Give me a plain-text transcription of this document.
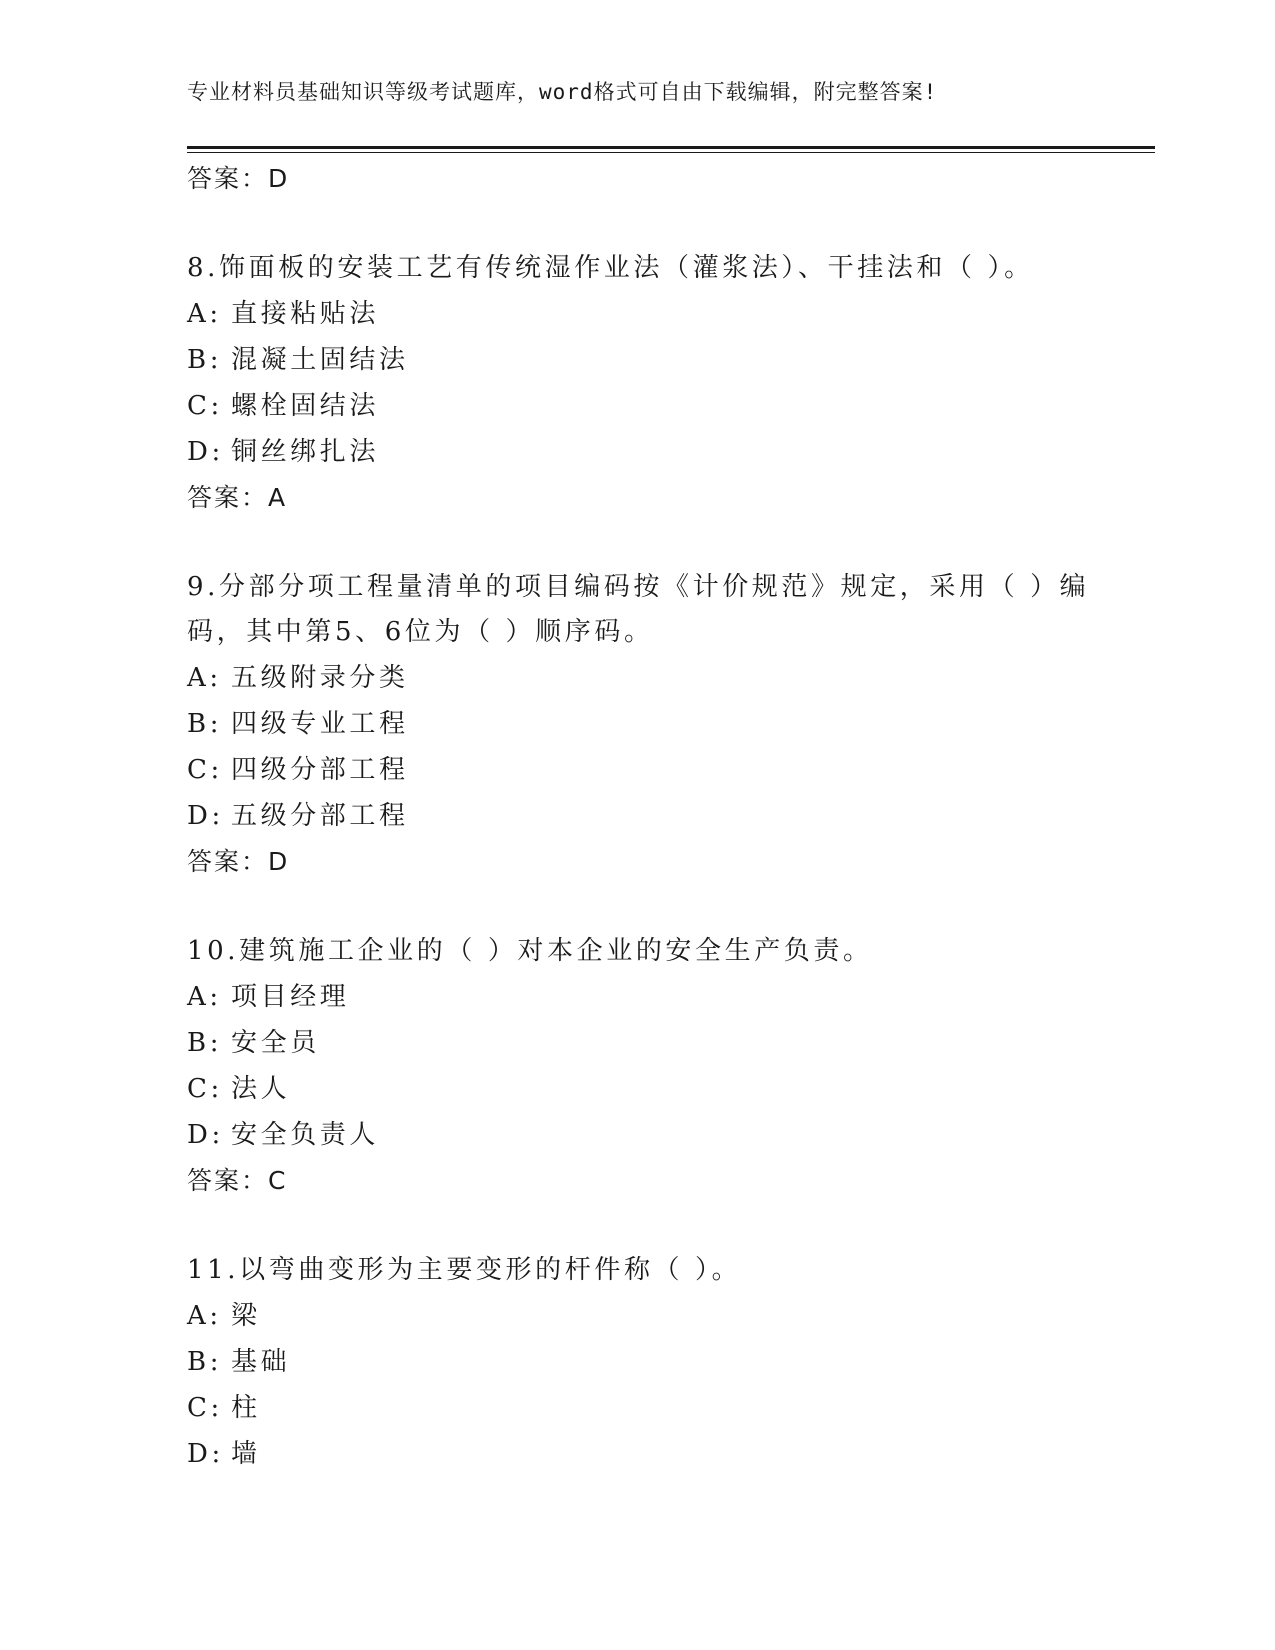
专业材料员基础知识等级考试题库，word格式可自由下载编辑，附完整答案!
答案：D
8.饰面板的安装工艺有传统湿作业法（灌浆法）、干挂法和（ ）。
A: 直接粘贴法
B: 混凝土固结法
C: 螺栓固结法
D: 铜丝绑扎法
答案：A
9.分部分项工程量清单的项目编码按《计价规范》规定，采用（ ）编
码，其中第5、6位为（ ）顺序码。
A: 五级附录分类
B: 四级专业工程
C: 四级分部工程
D: 五级分部工程
答案：D
10.建筑施工企业的（ ）对本企业的安全生产负责。
A: 项目经理
B: 安全员
C: 法人
D: 安全负责人
答案：C
11.以弯曲变形为主要变形的杆件称（ ）。
A: 梁
B: 基础
C: 柱
D: 墙
